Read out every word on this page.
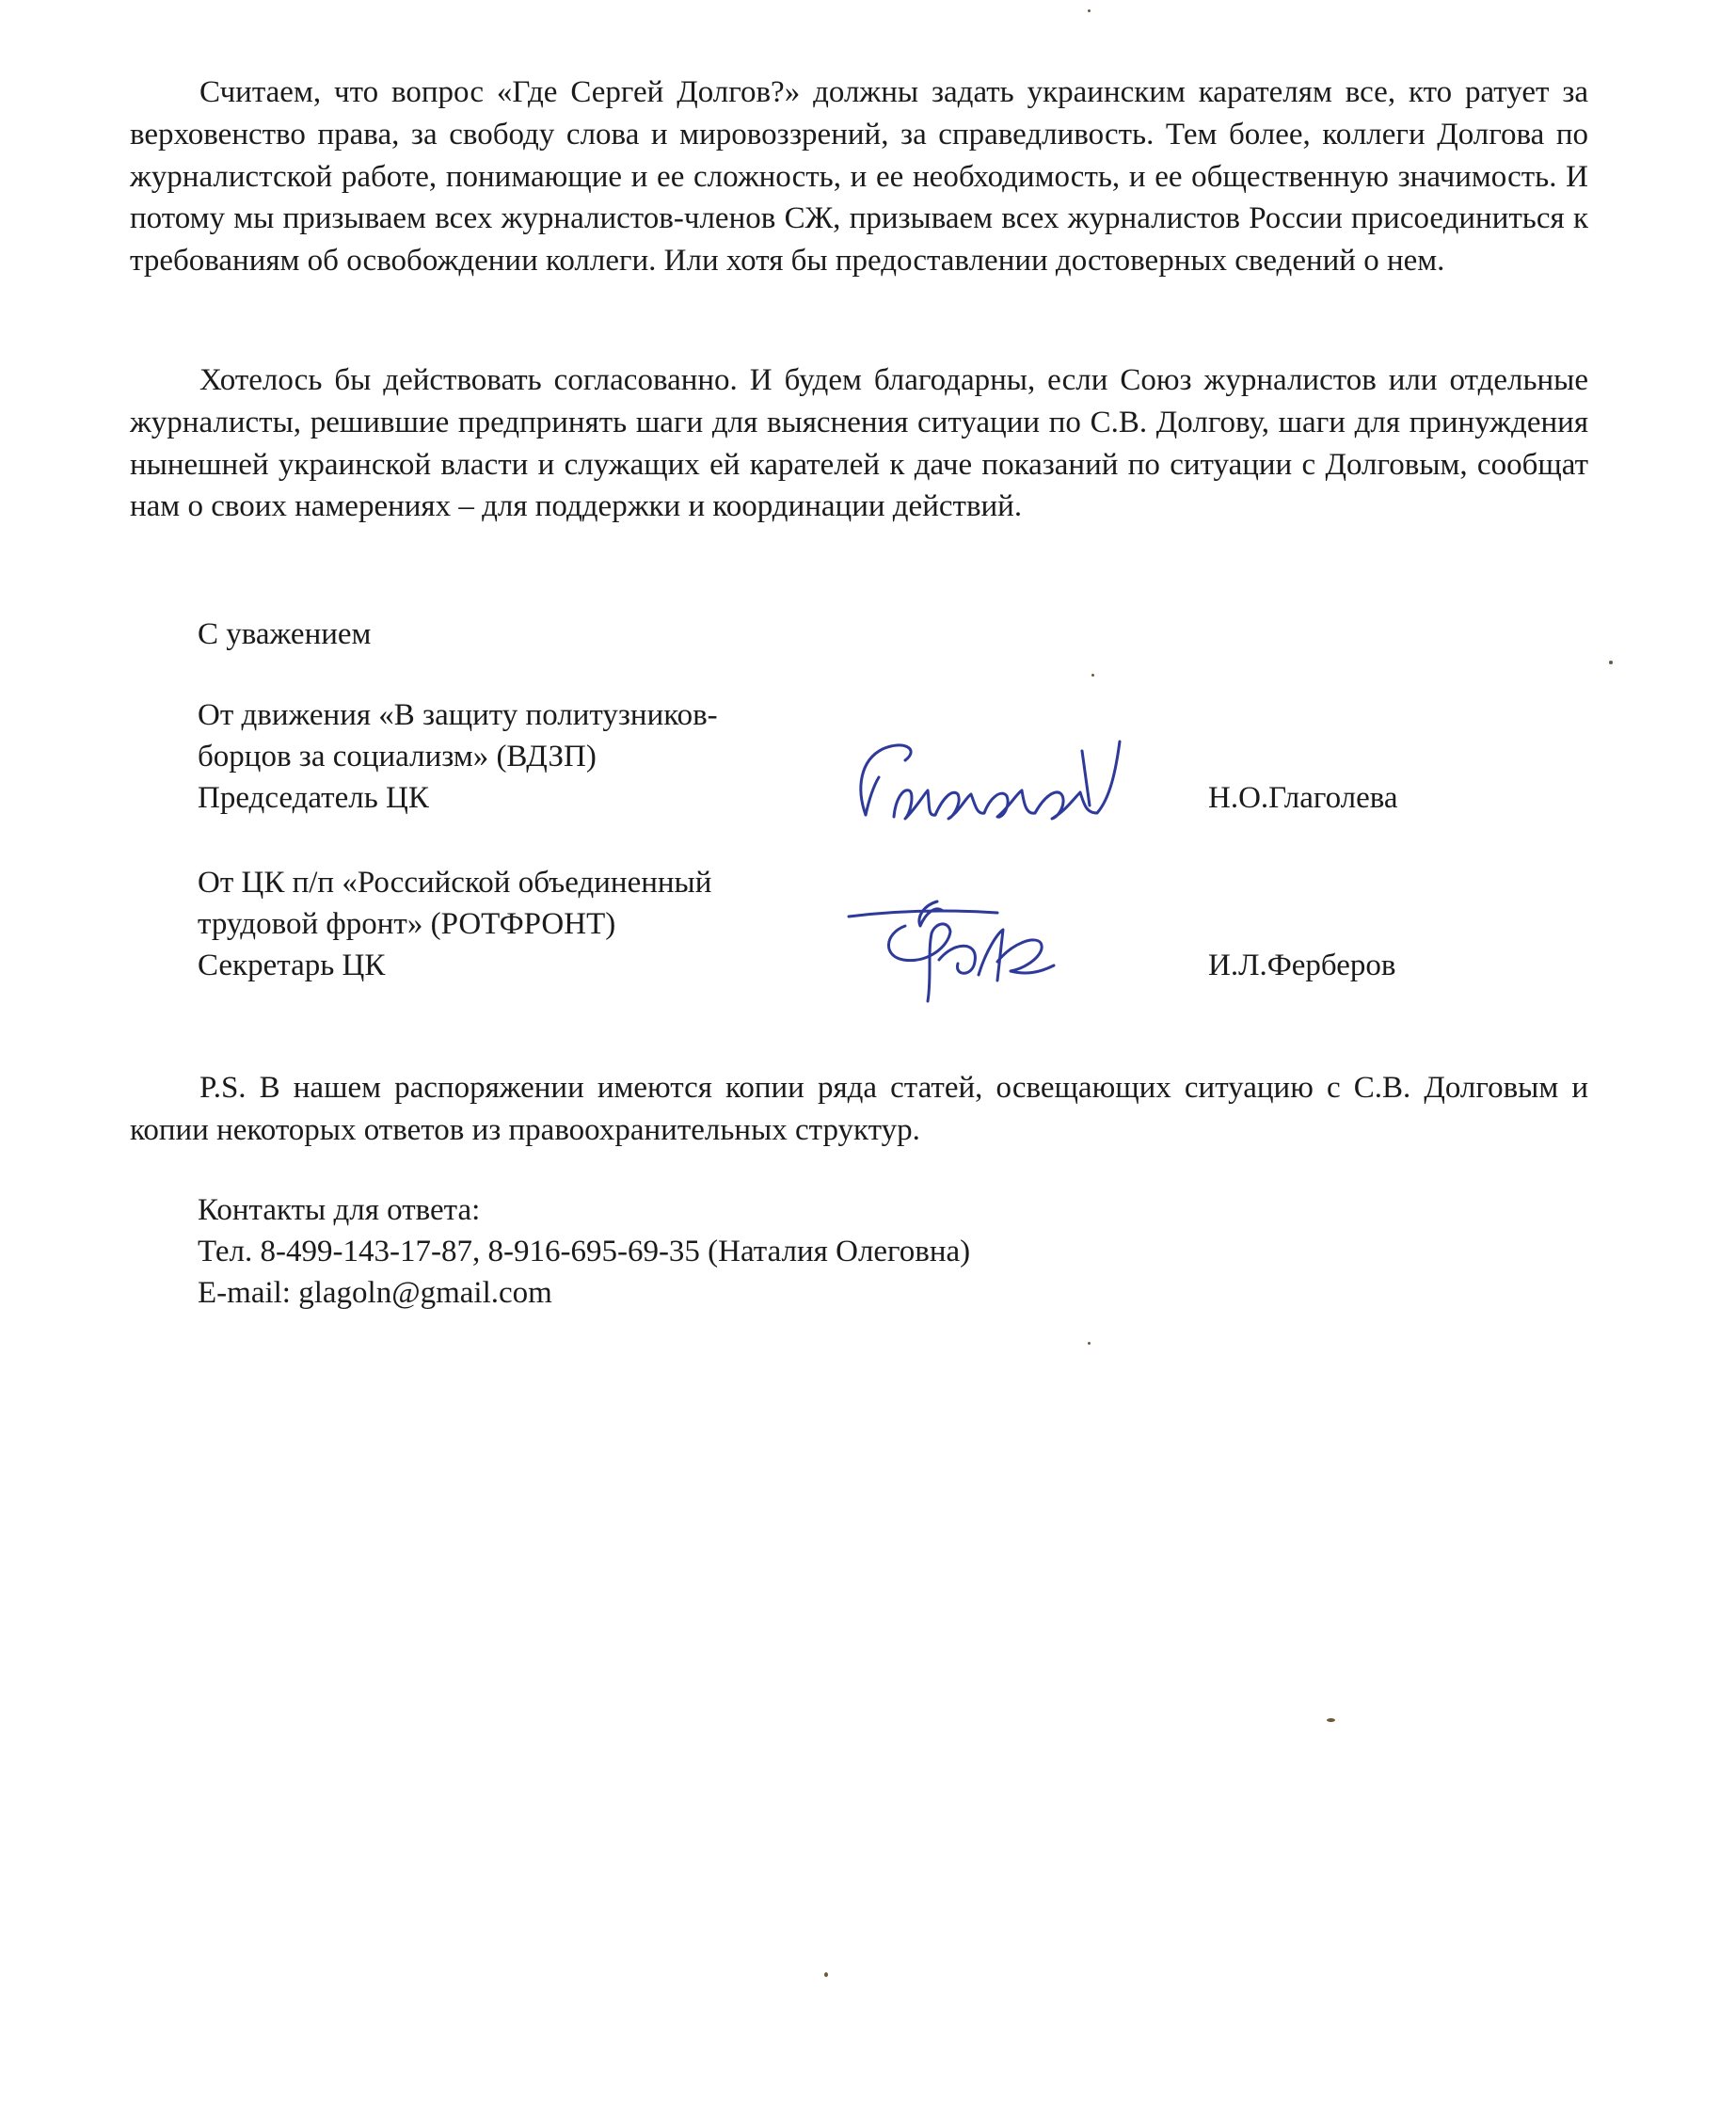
Считаем, что вопрос «Где Сергей Долгов?» должны задать украинским карателям все, кто ратует за верховенство права, за свободу слова и мировоззрений, за справедливость. Тем более, коллеги Долгова по журналистской работе, понимающие и ее сложность, и ее необходимость, и ее общественную значимость. И потому мы призываем всех журналистов-членов СЖ, призываем всех журналистов России присоединиться к требованиям об освобождении коллеги. Или хотя бы предоставлении достоверных сведений о нем.

Хотелось бы действовать согласованно. И будем благодарны, если Союз журналистов или отдельные журналисты, решившие предпринять шаги для выяснения ситуации по С.В. Долгову, шаги для принуждения нынешней украинской власти и служащих ей карателей к даче показаний по ситуации с Долговым, сообщат нам о своих намерениях – для поддержки и координации действий.

С уважением

От движения «В защиту политузников-

борцов за социализм» (ВДЗП)

Председатель ЦК	Н.О.Глаголева

От ЦК п/п «Российской объединенный

трудовой фронт» (РОТФРОНТ)

Секретарь ЦК	И.Л.Ферберов

P.S. В нашем распоряжении имеются копии ряда статей, освещающих ситуацию с С.В. Долговым и копии некоторых ответов из правоохранительных структур.

Контакты для ответа:

Тел. 8-499-143-17-87, 8-916-695-69-35 (Наталия Олеговна)

E-mail: glagoln@gmail.com
